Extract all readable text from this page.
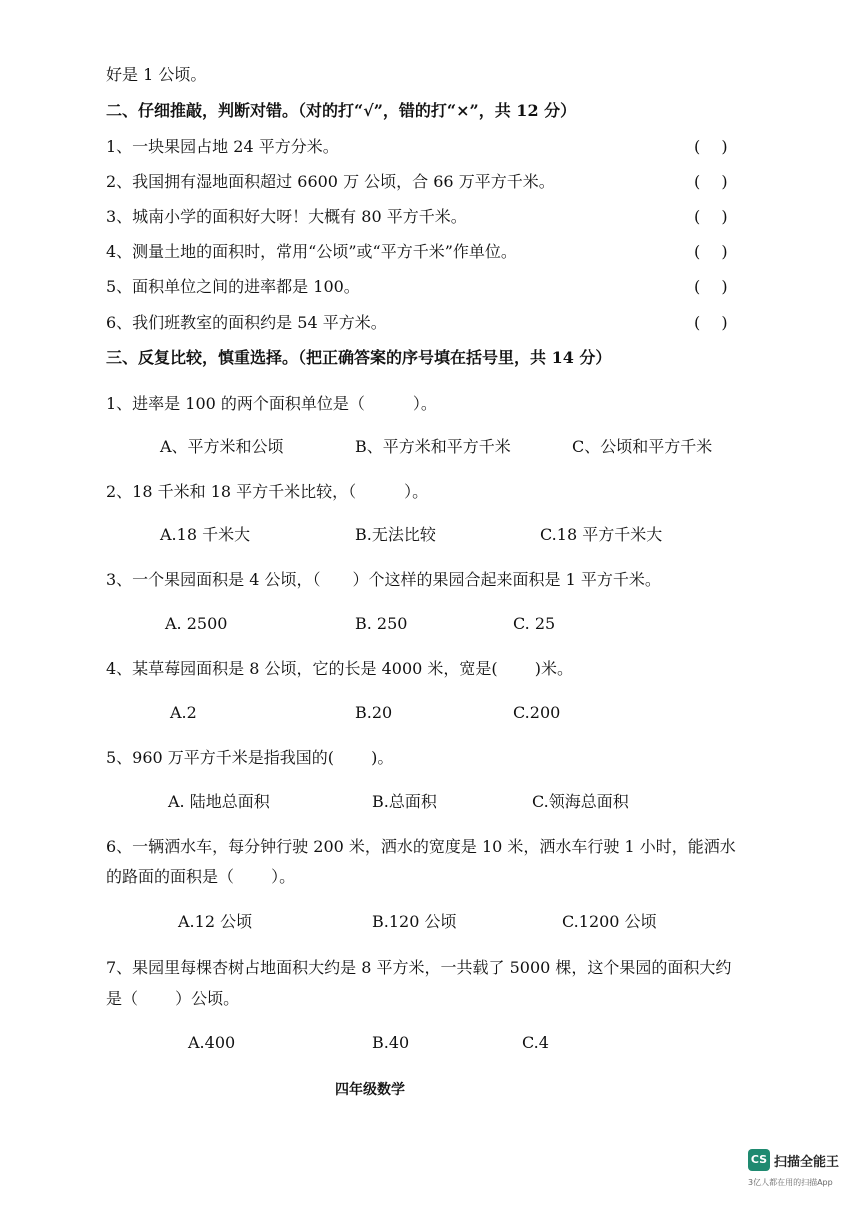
好是 1 公顷。
二、仔细推敲，判断对错。（对的打“√”，错的打“×”，共 12 分）
1、一块果园占地 24 平方分米。	(　 )
2、我国拥有湿地面积超过 6600 万 公顷，合 66 万平方千米。	(　 )
3、城南小学的面积好大呀！大概有 80 平方千米。	(　 )
4、测量土地的面积时，常用“公顷”或“平方千米”作单位。	(　 )
5、面积单位之间的进率都是 100。	(　 )
6、我们班教室的面积约是 54 平方米。	(　 )
三、反复比较，慎重选择。（把正确答案的序号填在括号里，共 14 分）
1、进率是 100 的两个面积单位是（　　　）。
A、平方米和公顷	B、平方米和平方千米	C、公顷和平方千米
2、18 千米和 18 平方千米比较，（　　　）。
A.18 千米大	B.无法比较	C.18 平方千米大
3、一个果园面积是 4 公顷，（　　）个这样的果园合起来面积是 1 平方千米。
A. 2500	B. 250	C. 25
4、某草莓园面积是 8 公顷，它的长是 4000 米，宽是(　　 )米。
A.2	B.20	C.200
5、960 万平方千米是指我国的(　　 )。
A. 陆地总面积	B.总面积	C.领海总面积
6、一辆洒水车，每分钟行驶 200 米，洒水的宽度是 10 米，洒水车行驶 1 小时，能洒水
的路面的面积是（　　 ）。
A.12 公顷	B.120 公顷	C.1200 公顷
7、果园里每棵杏树占地面积大约是 8 平方米，一共载了 5000 棵，这个果园的面积大约
是（　　 ）公顷。
A.400	B.40	C.4
四年级数学
CS 扫描全能王
3亿人都在用的扫描App
